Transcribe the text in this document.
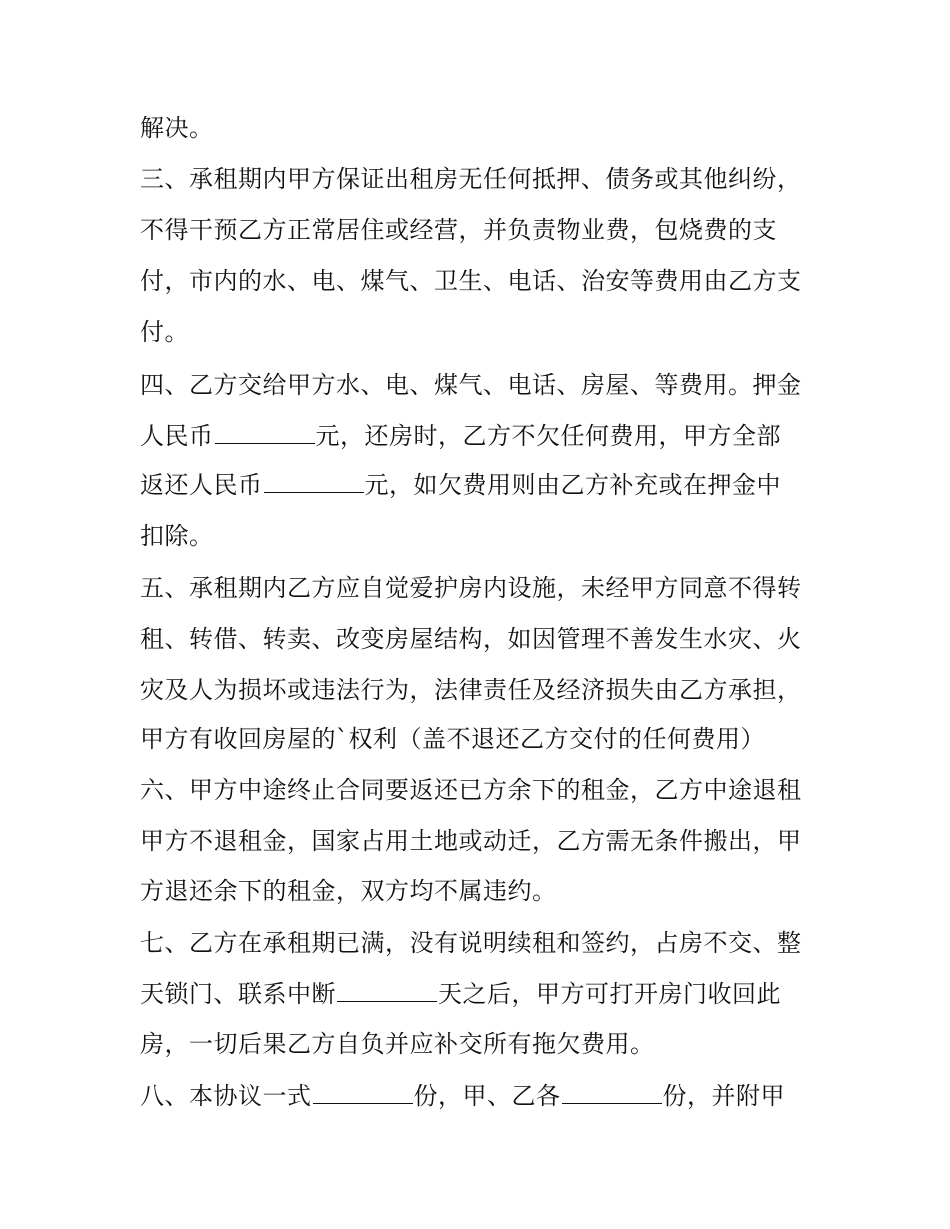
解决。
三、承租期内甲方保证出租房无任何抵押、债务或其他纠纷，
不得干预乙方正常居住或经营，并负责物业费，包烧费的支
付，市内的水、电、煤气、卫生、电话、治安等费用由乙方支
付。
四、乙方交给甲方水、电、煤气、电话、房屋、等费用。押金
人民币	元，还房时，乙方不欠任何费用，甲方全部
返还人民币	元，如欠费用则由乙方补充或在押金中
扣除。
五、承租期内乙方应自觉爱护房内设施，未经甲方同意不得转
租、转借、转卖、改变房屋结构，如因管理不善发生水灾、火
灾及人为损坏或违法行为，法律责任及经济损失由乙方承担，
甲方有收回房屋的`权利（盖不退还乙方交付的任何费用）
六、甲方中途终止合同要返还已方余下的租金，乙方中途退租
甲方不退租金，国家占用土地或动迁，乙方需无条件搬出，甲
方退还余下的租金，双方均不属违约。
七、乙方在承租期已满，没有说明续租和签约，占房不交、整
天锁门、联系中断	天之后，甲方可打开房门收回此
房，一切后果乙方自负并应补交所有拖欠费用。
八、本协议一式	份，甲、乙各	份，并附甲
